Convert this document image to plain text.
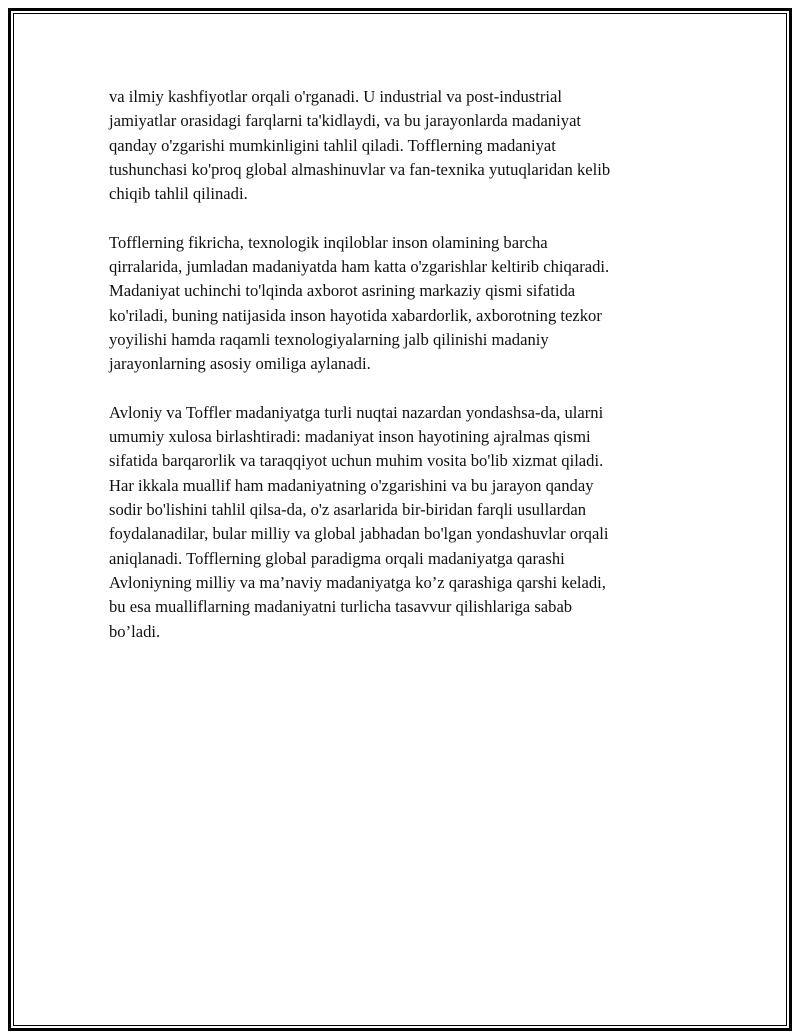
va ilmiy kashfiyotlar orqali o'rganadi. U industrial va post-industrial
jamiyatlar orasidagi farqlarni ta'kidlaydi, va bu jarayonlarda madaniyat
qanday o'zgarishi mumkinligini tahlil qiladi. Tofflerning madaniyat
tushunchasi ko'proq global almashinuvlar va fan-texnika yutuqlaridan kelib
chiqib tahlil qilinadi.

Tofflerning fikricha, texnologik inqiloblar inson olamining barcha
qirralarida, jumladan madaniyatda ham katta o'zgarishlar keltirib chiqaradi.
Madaniyat uchinchi to'lqinda axborot asrining markaziy qismi sifatida
ko'riladi, buning natijasida inson hayotida xabardorlik, axborotning tezkor
yoyilishi hamda raqamli texnologiyalarning jalb qilinishi madaniy
jarayonlarning asosiy omiliga aylanadi.

Avloniy va Toffler madaniyatga turli nuqtai nazardan yondashsa-da, ularni
umumiy xulosa birlashtiradi: madaniyat inson hayotining ajralmas qismi
sifatida barqarorlik va taraqqiyot uchun muhim vosita bo'lib xizmat qiladi.
Har ikkala muallif ham madaniyatning o'zgarishini va bu jarayon qanday
sodir bo'lishini tahlil qilsa-da, o'z asarlarida bir-biridan farqli usullardan
foydalanadilar, bular milliy va global jabhadan bo'lgan yondashuvlar orqali
aniqlanadi. Tofflerning global paradigma orqali madaniyatga qarashi
Avloniyning milliy va ma’naviy madaniyatga ko’z qarashiga qarshi keladi,
bu esa mualliflarning madaniyatni turlicha tasavvur qilishlariga sabab
bo’ladi.
